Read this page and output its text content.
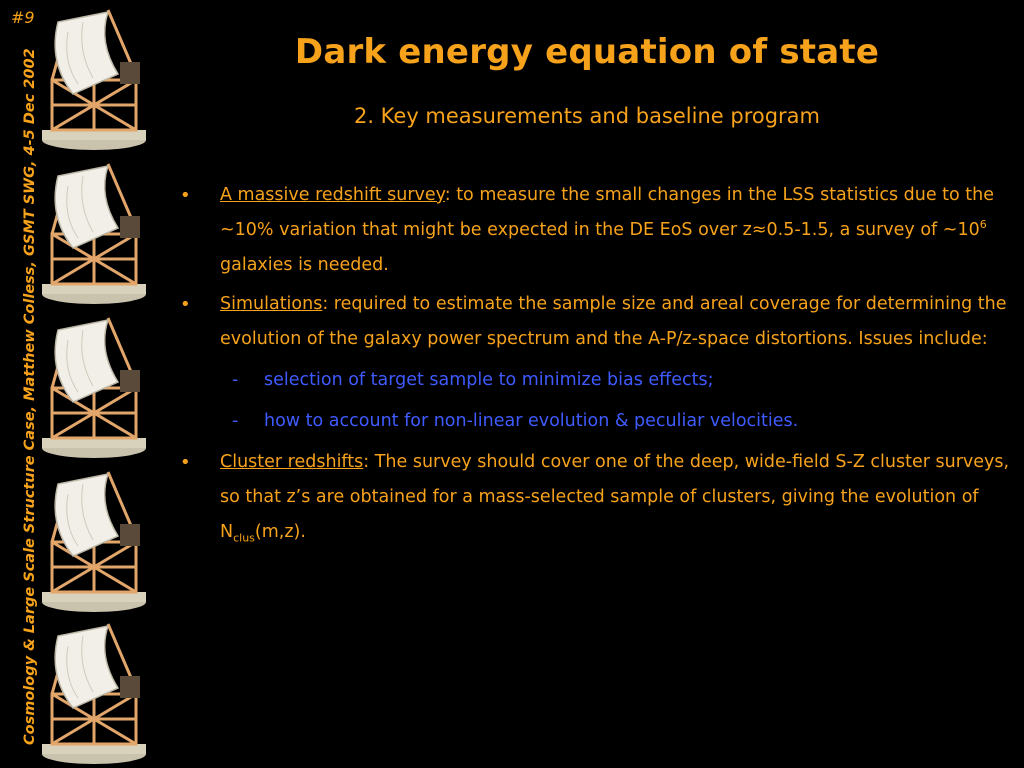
#9
Cosmology & Large Scale Structure Case, Matthew Colless, GSMT SWG, 4-5 Dec 2002	Dark energy equation of state
2. Key measurements and baseline program
• A massive redshift survey: to measure the small changes in the LSS statistics due to the ~10% variation that might be expected in the DE EoS over z≈0.5-1.5, a survey of $\sim 10^6$ galaxies is needed.
• Simulations: required to estimate the sample size and areal coverage for determining the evolution of the galaxy power spectrum and the A-P/z-space distortions. Issues include:
- selection of target sample to minimize bias effects;
- how to account for non-linear evolution & peculiar velocities.
• Cluster redshifts: The survey should cover one of the deep, wide-field S-Z cluster surveys, so that z’s are obtained for a mass-selected sample of clusters, giving the evolution of $N_{clus}(m,z)$.
